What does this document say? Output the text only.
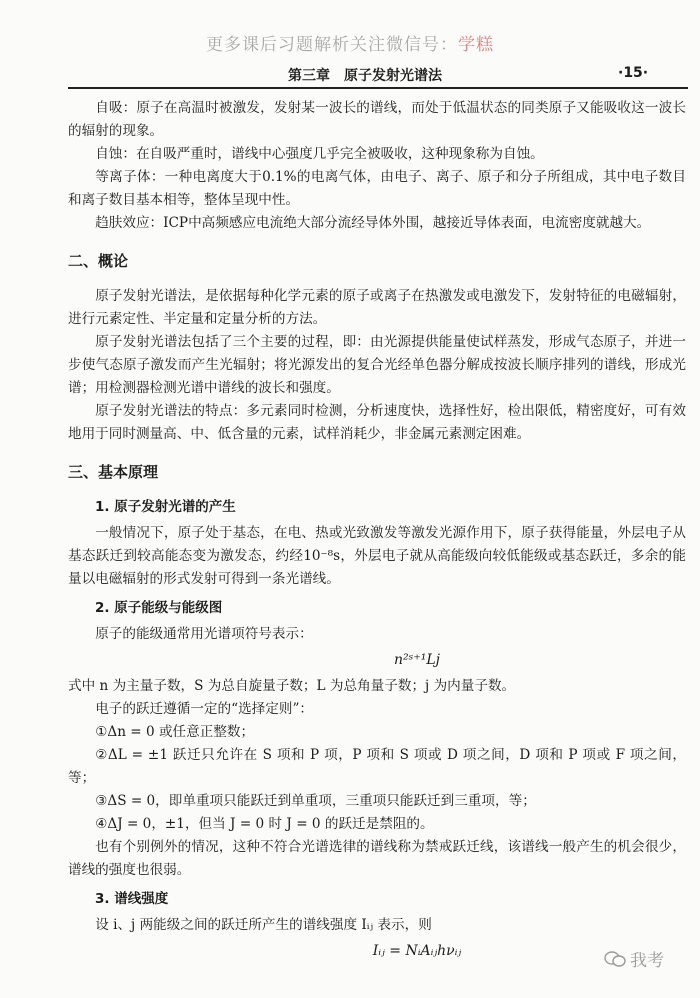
更多课后习题解析关注微信号：学糕
第三章　原子发射光谱法	·15·

自吸：原子在高温时被激发，发射某一波长的谱线，而处于低温状态的同类原子又能吸收这一波长的辐射的现象。

自蚀：在自吸严重时，谱线中心强度几乎完全被吸收，这种现象称为自蚀。

等离子体：一种电离度大于0.1%的电离气体，由电子、离子、原子和分子所组成，其中电子数目和离子数目基本相等，整体呈现中性。

趋肤效应：ICP中高频感应电流绝大部分流经导体外围，越接近导体表面，电流密度就越大。

二、概论

原子发射光谱法，是依据每种化学元素的原子或离子在热激发或电激发下，发射特征的电磁辐射，进行元素定性、半定量和定量分析的方法。

原子发射光谱法包括了三个主要的过程，即：由光源提供能量使试样蒸发，形成气态原子，并进一步使气态原子激发而产生光辐射；将光源发出的复合光经单色器分解成按波长顺序排列的谱线，形成光谱；用检测器检测光谱中谱线的波长和强度。

原子发射光谱法的特点：多元素同时检测，分析速度快，选择性好，检出限低，精密度好，可有效地用于同时测量高、中、低含量的元素，试样消耗少，非金属元素测定困难。

三、基本原理
1. 原子发射光谱的产生

一般情况下，原子处于基态，在电、热或光致激发等激发光源作用下，原子获得能量，外层电子从基态跃迁到较高能态变为激发态，约经10⁻⁸s，外层电子就从高能级向较低能级或基态跃迁，多余的能量以电磁辐射的形式发射可得到一条光谱线。

2. 原子能级与能级图

原子的能级通常用光谱项符号表示：

n²ˢ⁺¹Lj

式中 n 为主量子数，S 为总自旋量子数；L 为总角量子数；j 为内量子数。

电子的跃迁遵循一定的“选择定则”：

①Δn = 0 或任意正整数；

②ΔL = ±1 跃迁只允许在 S 项和 P 项，P 项和 S 项或 D 项之间，D 项和 P 项或 F 项之间，等；

③ΔS = 0，即单重项只能跃迁到单重项，三重项只能跃迁到三重项，等；

④ΔJ = 0，±1，但当 J = 0 时 J = 0 的跃迁是禁阻的。

也有个别例外的情况，这种不符合光谱选律的谱线称为禁戒跃迁线，该谱线一般产生的机会很少，谱线的强度也很弱。

3. 谱线强度

设 i、j 两能级之间的跃迁所产生的谱线强度 Iᵢⱼ 表示，则

Iᵢⱼ = NᵢAᵢⱼhνᵢⱼ	我考
